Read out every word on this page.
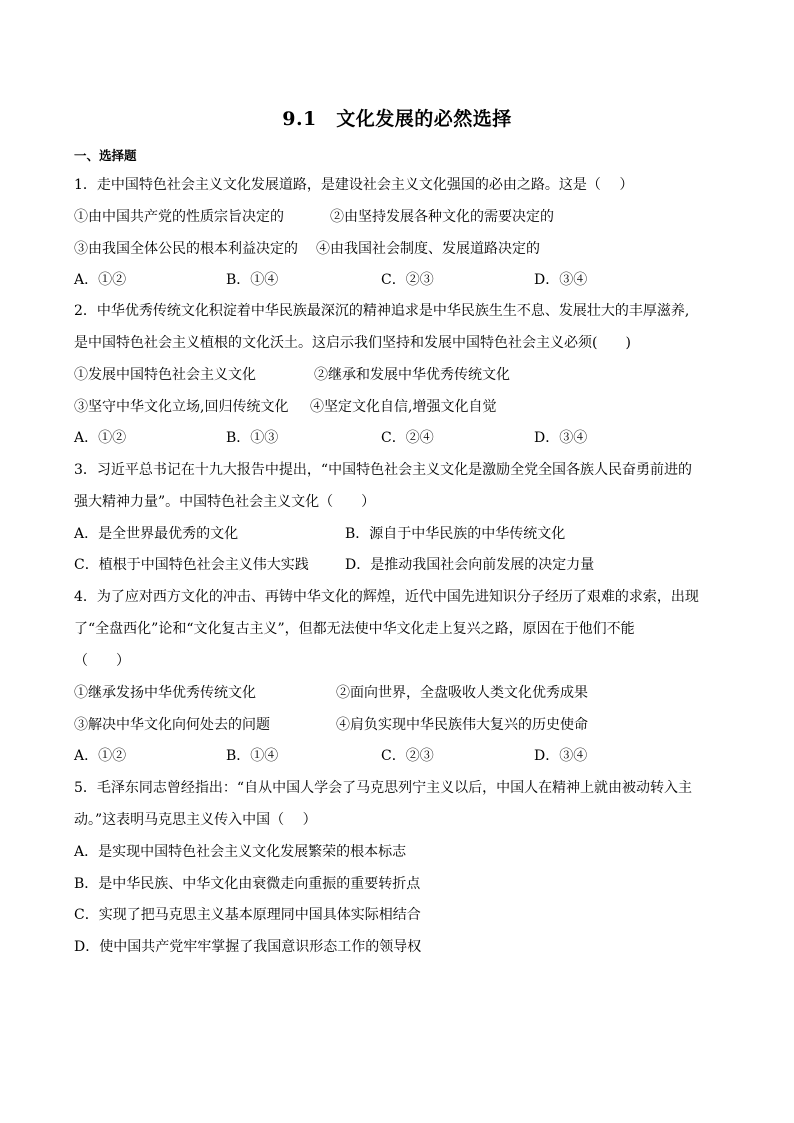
9.1　文化发展的必然选择
一、选择题
1．走中国特色社会主义文化发展道路，是建设社会主义文化强国的必由之路。这是（　 ）
①由中国共产党的性质宗旨决定的	②由坚持发展各种文化的需要决定的
③由我国全体公民的根本利益决定的 ④由我国社会制度、发展道路决定的
A．①②	B．①④	C．②③	D．③④
2．中华优秀传统文化积淀着中华民族最深沉的精神追求是中华民族生生不息、发展壮大的丰厚滋养,
是中国特色社会主义植根的文化沃土。这启示我们坚持和发展中国特色社会主义必须(　　)
①发展中国特色社会主义文化	②继承和发展中华优秀传统文化
③坚守中华文化立场,回归传统文化 ④坚定文化自信,增强文化自觉
A．①②	B．①③	C．②④	D．③④
3．习近平总书记在十九大报告中提出，“中国特色社会主义文化是激励全党全国各族人民奋勇前进的
强大精神力量”。中国特色社会主义文化（　　）
A．是全世界最优秀的文化	B．源自于中华民族的中华传统文化
C．植根于中国特色社会主义伟大实践	D．是推动我国社会向前发展的决定力量
4．为了应对西方文化的冲击、再铸中华文化的辉煌，近代中国先进知识分子经历了艰难的求索，出现
了“全盘西化”论和“文化复古主义”，但都无法使中华文化走上复兴之路，原因在于他们不能
（　　）
①继承发扬中华优秀传统文化	②面向世界，全盘吸收人类文化优秀成果
③解决中华文化向何处去的问题	④肩负实现中华民族伟大复兴的历史使命
A．①②	B．①④	C．②③	D．③④
5．毛泽东同志曾经指出：“自从中国人学会了马克思列宁主义以后，中国人在精神上就由被动转入主
动。”这表明马克思主义传入中国（　 ）
A．是实现中国特色社会主义文化发展繁荣的根本标志
B．是中华民族、中华文化由衰微走向重振的重要转折点
C．实现了把马克思主义基本原理同中国具体实际相结合
D．使中国共产党牢牢掌握了我国意识形态工作的领导权
